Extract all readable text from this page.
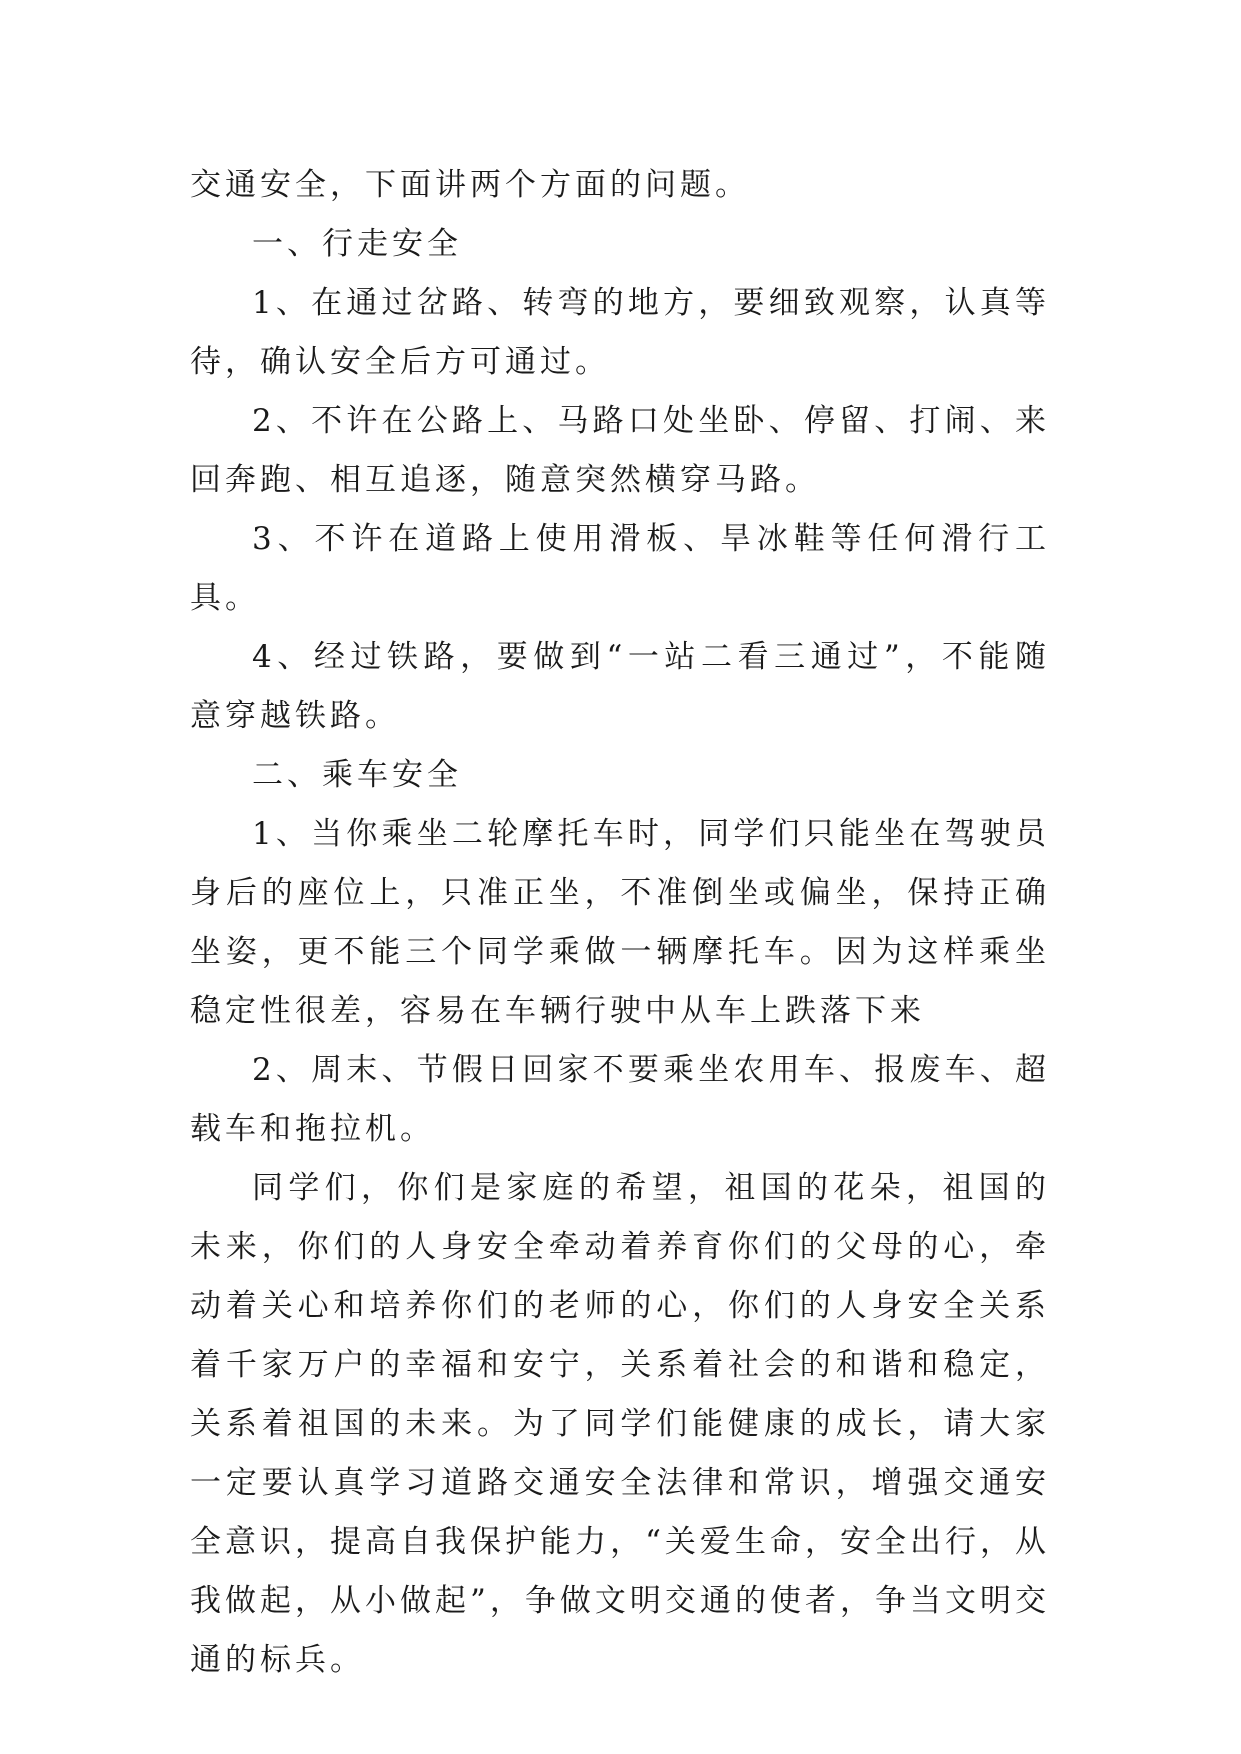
交通安全，下面讲两个方面的问题。

一、行走安全

1、在通过岔路、转弯的地方，要细致观察，认真等待，确认安全后方可通过。

2、不许在公路上、马路口处坐卧、停留、打闹、来回奔跑、相互追逐，随意突然横穿马路。

3、不许在道路上使用滑板、旱冰鞋等任何滑行工具。

4、经过铁路，要做到“一站二看三通过”，不能随意穿越铁路。

二、乘车安全

1、当你乘坐二轮摩托车时，同学们只能坐在驾驶员身后的座位上，只准正坐，不准倒坐或偏坐，保持正确坐姿，更不能三个同学乘做一辆摩托车。因为这样乘坐稳定性很差，容易在车辆行驶中从车上跌落下来

2、周末、节假日回家不要乘坐农用车、报废车、超载车和拖拉机。

同学们，你们是家庭的希望，祖国的花朵，祖国的未来，你们的人身安全牵动着养育你们的父母的心，牵动着关心和培养你们的老师的心，你们的人身安全关系着千家万户的幸福和安宁，关系着社会的和谐和稳定，关系着祖国的未来。为了同学们能健康的成长，请大家一定要认真学习道路交通安全法律和常识，增强交通安全意识，提高自我保护能力，“关爱生命，安全出行，从我做起，从小做起”，争做文明交通的使者，争当文明交通的标兵。
